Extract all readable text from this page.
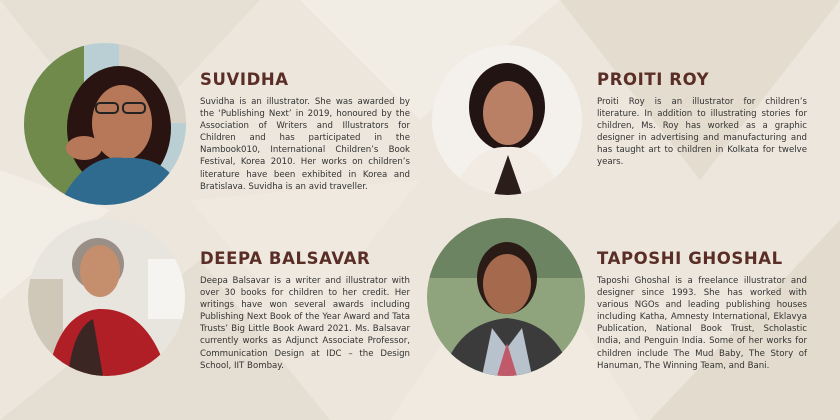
SUVIDHA

Suvidha is an illustrator. She was awarded by the ‘Publishing Next’ in 2019, honoured by the Association of Writers and Illustrators for Children and has participated in the Nambook010, International Children’s Book Festival, Korea 2010. Her works on children’s literature have been exhibited in Korea and Bratislava. Suvidha is an avid traveller.

PROITI ROY

Proiti Roy is an illustrator for children’s literature. In addition to illustrating stories for children, Ms. Roy has worked as a graphic designer in advertising and manufacturing and has taught art to children in Kolkata for twelve years.

DEEPA BALSAVAR

Deepa Balsavar is a writer and illustrator with over 30 books for children to her credit. Her writings have won several awards including Publishing Next Book of the Year Award and Tata Trusts’ Big Little Book Award 2021. Ms. Balsavar currently works as Adjunct Associate Professor, Communication Design at IDC – the Design School, IIT Bombay.

TAPOSHI GHOSHAL

Taposhi Ghoshal is a freelance illustrator and designer since 1993. She has worked with various NGOs and leading publishing houses including Katha, Amnesty International, Eklavya Publication, National Book Trust, Scholastic India, and Penguin India. Some of her works for children include The Mud Baby, The Story of Hanuman, The Winning Team, and Bani.
